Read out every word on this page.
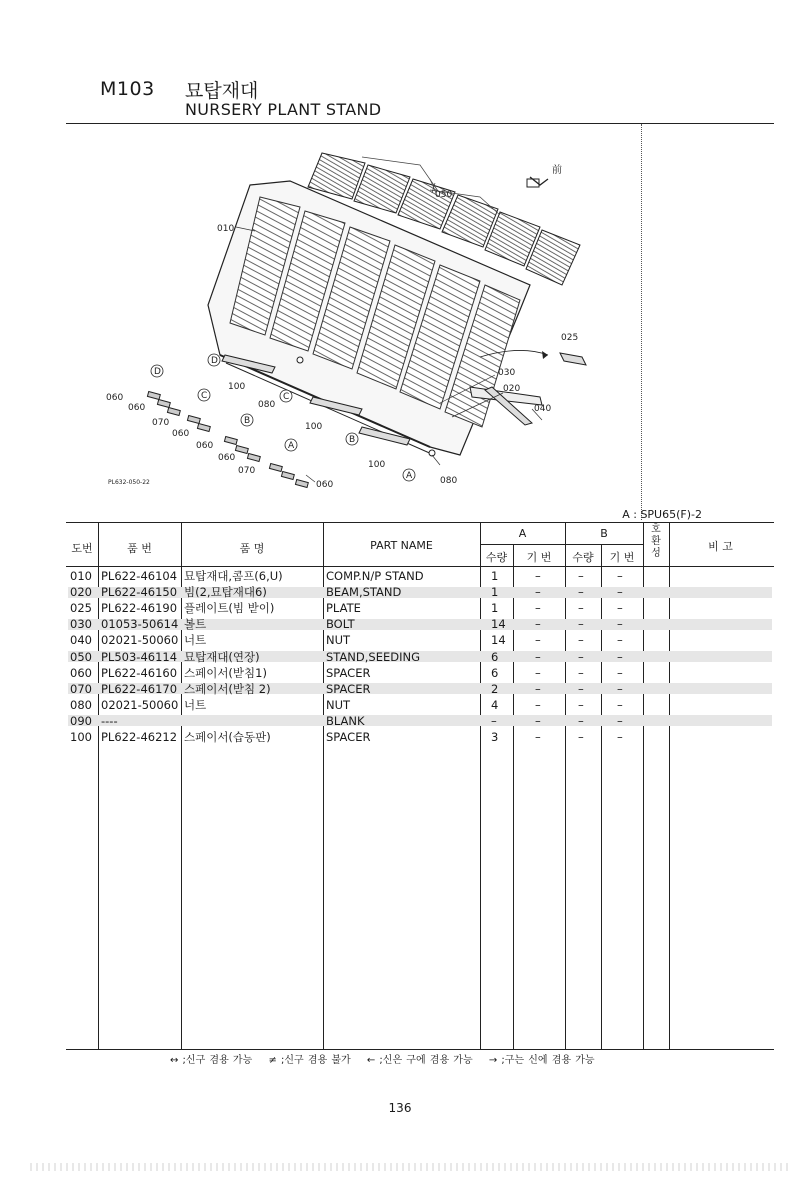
M103 묘탑재대
NURSERY PLANT STAND
010
050
025
030
020
040
100
100
100
080
080
060
060
060
060
060
060
070
070
D
D
C	C
B
B
A
A
前
PL632-050-22
A : SPU65(F)-2
도번	품 번	품 명	PART NAME
A	B
수량	기 번	수량	기 번
호환성
비 고
010 PL622-46104 묘탑재대,콤프(6,U)	COMP.N/P STAND	1	–	–	–
020 PL622-46150 빔(2,묘탑재대6)	BEAM,STAND	1	–	–	–
025 PL622-46190 플레이트(빔 받이)	PLATE	1	–	–	–
030 01053-50614 볼트	BOLT	14	–	–	–
040 02021-50060 너트	NUT	14	–	–	–
050 PL503-46114 묘탑재대(연장)	STAND,SEEDING	6	–	–	–
060 PL622-46160 스페이서(받침1)	SPACER	6	–	–	–
070 PL622-46170 스페이서(받침 2)	SPACER	2	–	–	–
080 02021-50060 너트	NUT	4	–	–	–
090 ----	BLANK	–	–	–	–
100 PL622-46212 스페이서(습동판)	SPACER	3	–	–	–
↔ ;신구 겸용 가능 ≠ ;신구 겸용 불가 ← ;신은 구에 겸용 가능 → ;구는 신에 겸용 가능
136
